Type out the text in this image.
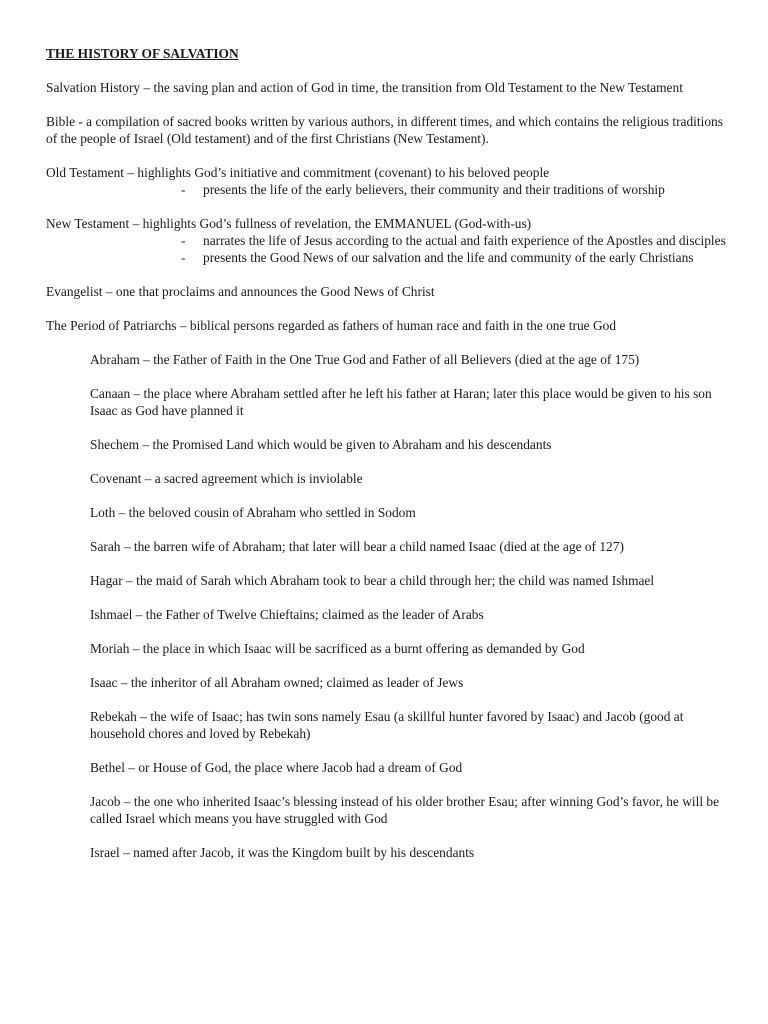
THE HISTORY OF SALVATION
Salvation History – the saving plan and action of God in time, the transition from Old Testament to the New Testament
Bible - a compilation of sacred books written by various authors, in different times, and which contains the religious traditions of the people of Israel (Old testament) and of the first Christians (New Testament).
Old Testament – highlights God’s initiative and commitment (covenant) to his beloved people
- presents the life of the early believers, their community and their traditions of worship
New Testament – highlights God’s fullness of revelation, the EMMANUEL (God-with-us)
- narrates the life of Jesus according to the actual and faith experience of the Apostles and disciples
- presents the Good News of our salvation and the life and community of the early Christians
Evangelist – one that proclaims and announces the Good News of Christ
The Period of Patriarchs – biblical persons regarded as fathers of human race and faith in the one true God
Abraham – the Father of Faith in the One True God and Father of all Believers (died at the age of 175)
Canaan – the place where Abraham settled after he left his father at Haran; later this place would be given to his son Isaac as God have planned it
Shechem – the Promised Land which would be given to Abraham and his descendants
Covenant – a sacred agreement which is inviolable
Loth – the beloved cousin of Abraham who settled in Sodom
Sarah – the barren wife of Abraham; that later will bear a child named Isaac (died at the age of 127)
Hagar – the maid of Sarah which Abraham took to bear a child through her; the child was named Ishmael
Ishmael – the Father of Twelve Chieftains; claimed as the leader of Arabs
Moriah – the place in which Isaac will be sacrificed as a burnt offering as demanded by God
Isaac – the inheritor of all Abraham owned; claimed as leader of Jews
Rebekah – the wife of Isaac; has twin sons namely Esau (a skillful hunter favored by Isaac) and Jacob (good at household chores and loved by Rebekah)
Bethel – or House of God, the place where Jacob had a dream of God
Jacob – the one who inherited Isaac’s blessing instead of his older brother Esau; after winning God’s favor, he will be called Israel which means you have struggled with God
Israel – named after Jacob, it was the Kingdom built by his descendants
